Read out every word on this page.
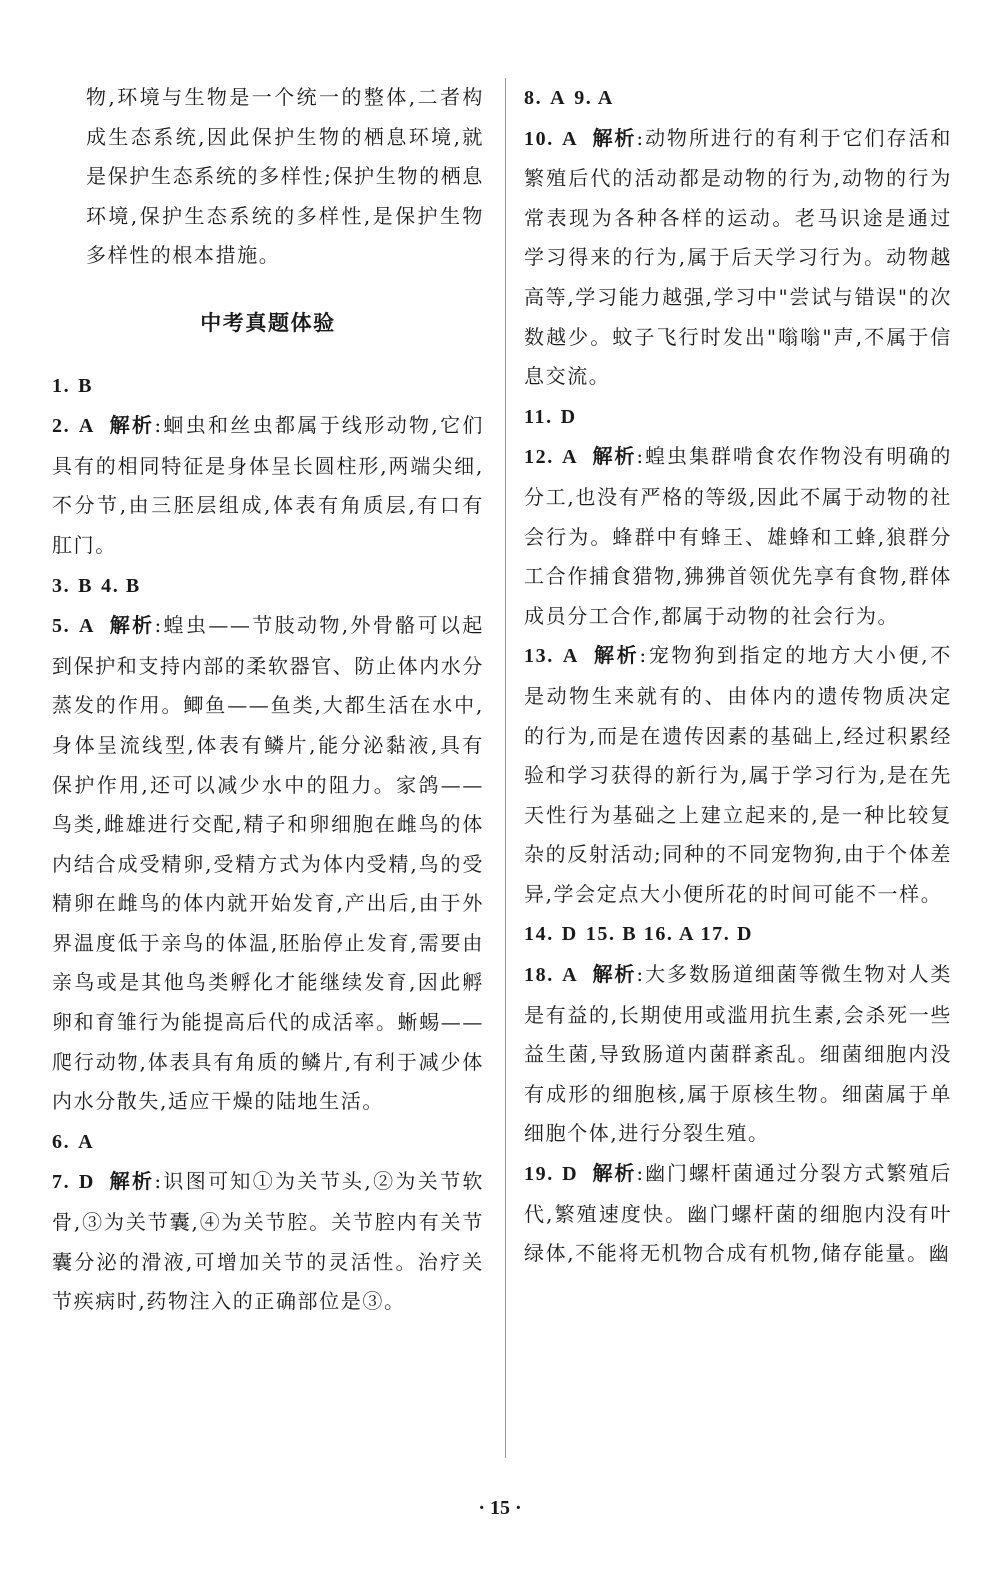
物,环境与生物是一个统一的整体,二者构成生态系统,因此保护生物的栖息环境,就是保护生态系统的多样性;保护生物的栖息环境,保护生态系统的多样性,是保护生物多样性的根本措施。

中考真题体验

1. B

2. A 解析:蛔虫和丝虫都属于线形动物,它们具有的相同特征是身体呈长圆柱形,两端尖细,不分节,由三胚层组成,体表有角质层,有口有肛门。

3. B 4. B

5. A 解析:蝗虫——节肢动物,外骨骼可以起到保护和支持内部的柔软器官、防止体内水分蒸发的作用。鲫鱼——鱼类,大都生活在水中,身体呈流线型,体表有鳞片,能分泌黏液,具有保护作用,还可以减少水中的阻力。家鸽——鸟类,雌雄进行交配,精子和卵细胞在雌鸟的体内结合成受精卵,受精方式为体内受精,鸟的受精卵在雌鸟的体内就开始发育,产出后,由于外界温度低于亲鸟的体温,胚胎停止发育,需要由亲鸟或是其他鸟类孵化才能继续发育,因此孵卵和育雏行为能提高后代的成活率。蜥蜴——爬行动物,体表具有角质的鳞片,有利于减少体内水分散失,适应干燥的陆地生活。

6. A

7. D 解析:识图可知①为关节头,②为关节软骨,③为关节囊,④为关节腔。关节腔内有关节囊分泌的滑液,可增加关节的灵活性。治疗关节疾病时,药物注入的正确部位是③。

8. A 9. A

10. A 解析:动物所进行的有利于它们存活和繁殖后代的活动都是动物的行为,动物的行为常表现为各种各样的运动。老马识途是通过学习得来的行为,属于后天学习行为。动物越高等,学习能力越强,学习中"尝试与错误"的次数越少。蚊子飞行时发出"嗡嗡"声,不属于信息交流。

11. D

12. A 解析:蝗虫集群啃食农作物没有明确的分工,也没有严格的等级,因此不属于动物的社会行为。蜂群中有蜂王、雄蜂和工蜂,狼群分工合作捕食猎物,狒狒首领优先享有食物,群体成员分工合作,都属于动物的社会行为。

13. A 解析:宠物狗到指定的地方大小便,不是动物生来就有的、由体内的遗传物质决定的行为,而是在遗传因素的基础上,经过积累经验和学习获得的新行为,属于学习行为,是在先天性行为基础之上建立起来的,是一种比较复杂的反射活动;同种的不同宠物狗,由于个体差异,学会定点大小便所花的时间可能不一样。

14. D 15. B 16. A 17. D

18. A 解析:大多数肠道细菌等微生物对人类是有益的,长期使用或滥用抗生素,会杀死一些益生菌,导致肠道内菌群紊乱。细菌细胞内没有成形的细胞核,属于原核生物。细菌属于单细胞个体,进行分裂生殖。

19. D 解析:幽门螺杆菌通过分裂方式繁殖后代,繁殖速度快。幽门螺杆菌的细胞内没有叶绿体,不能将无机物合成有机物,储存能量。幽

· 15 ·
